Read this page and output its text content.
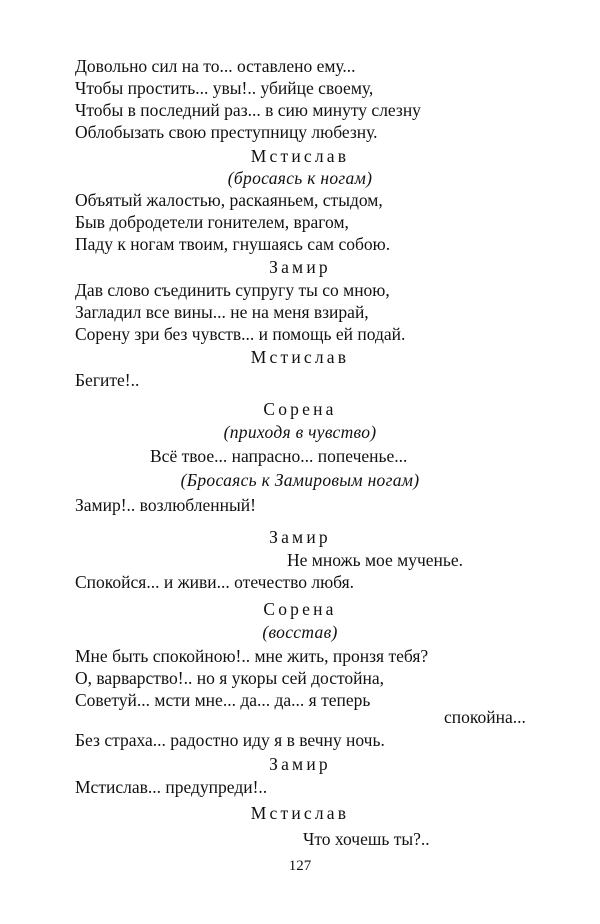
Довольно сил на то... оставлено ему...

Чтобы простить... увы!.. убийце своему,

Чтобы в последний раз... в сию минуту слезну

Облобызать свою преступницу любезну.

Мстислав

(бросаясь к ногам)

Объятый жалостью, раскаяньем, стыдом,

Быв добродетели гонителем, врагом,

Паду к ногам твоим, гнушаясь сам собою.

Замир

Дав слово съединить супругу ты со мною,

Загладил все вины... не на меня взирай,

Сорену зри без чувств... и помощь ей подай.

Мстислав

Бегите!..

Сорена

(приходя в чувство)

Всё твое... напрасно... попеченье...

(Бросаясь к Замировым ногам)

Замир!.. возлюбленный!

Замир

Не множь мое мученье.

Спокойся... и живи... отечество любя.

Сорена

(восстав)

Мне быть спокойною!.. мне жить, пронзя тебя?

О, варварство!.. но я укоры сей достойна,

Советуй... мсти мне... да... да... я теперь

спокойна...

Без страха... радостно иду я в вечну ночь.

Замир

Мстислав... предупреди!..

Мстислав

Что хочешь ты?..

127
